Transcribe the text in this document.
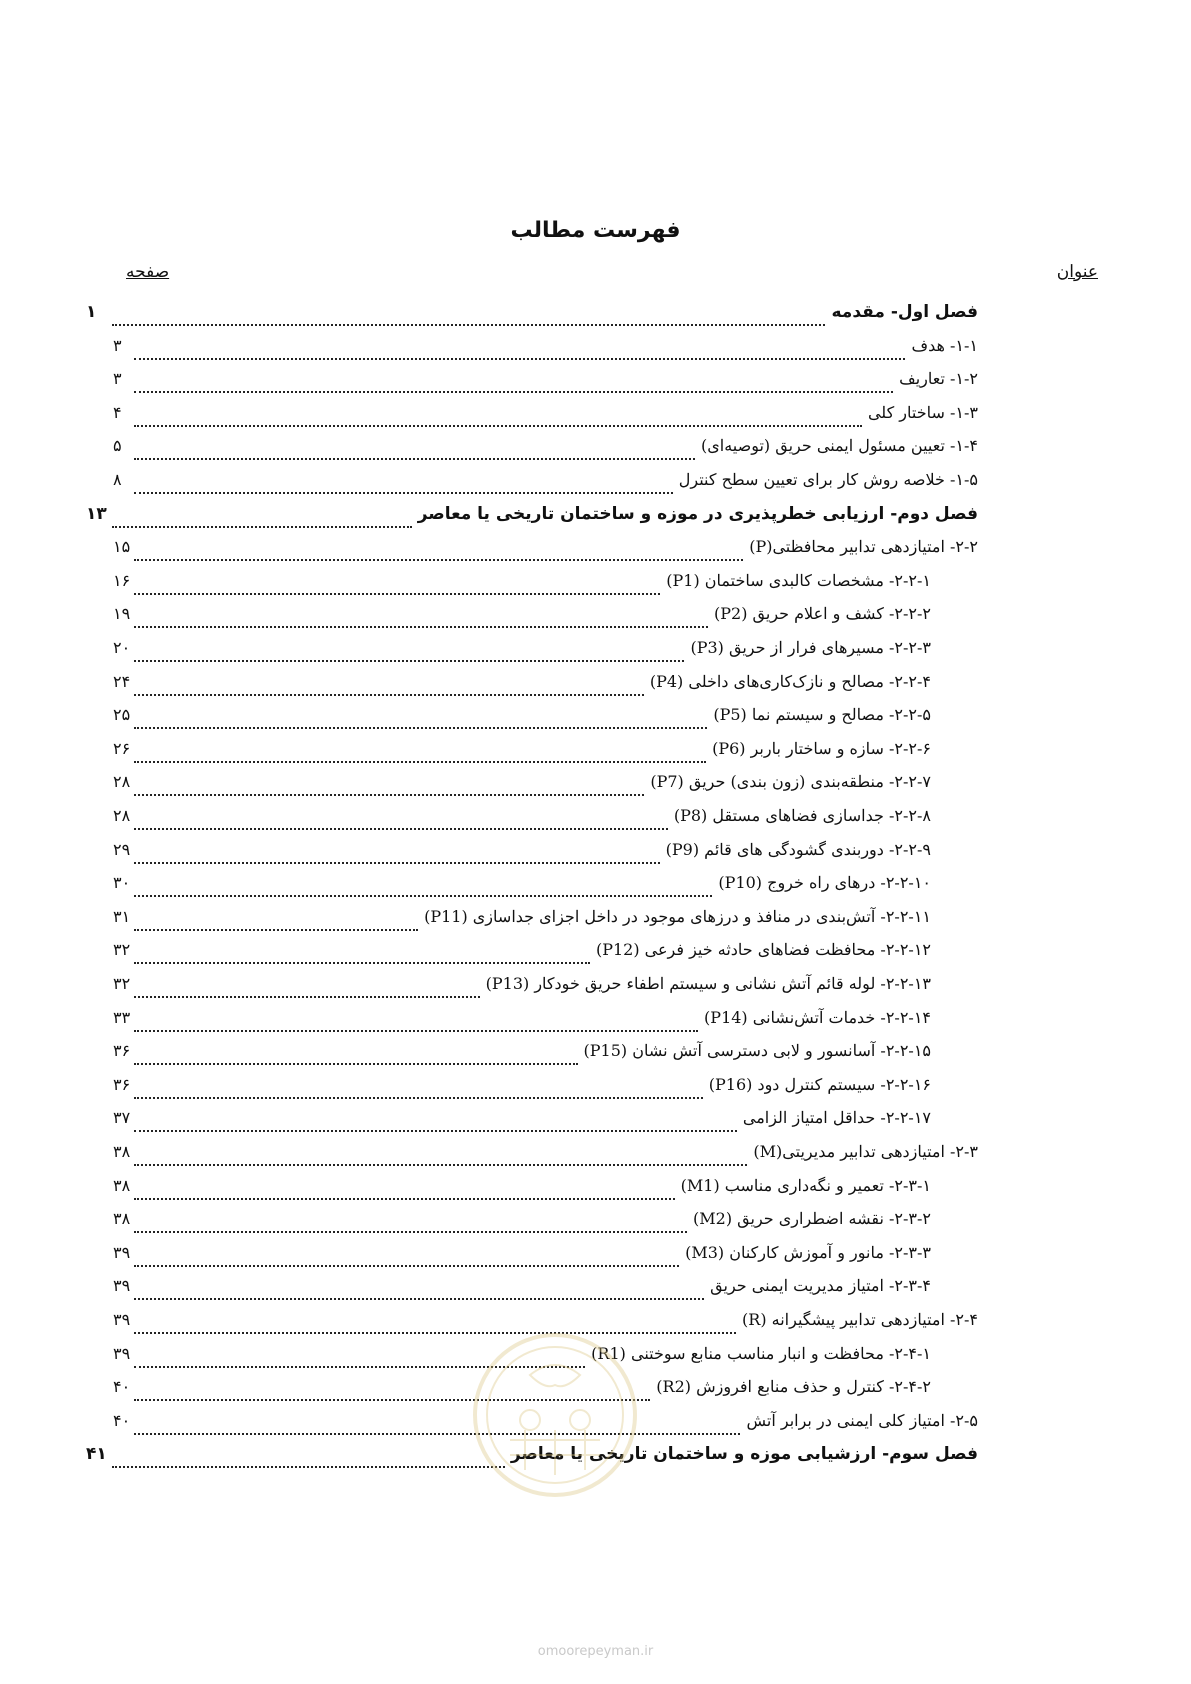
فهرست مطالب
عنوان
صفحه
فصل اول- مقدمه
۱
۱-۱- هدف
۳
۱-۲- تعاریف
۳
۱-۳- ساختار کلی
۴
۱-۴- تعیین مسئول ایمنی حریق (توصیه‌ای)
۵
۱-۵- خلاصه روش کار برای تعیین سطح کنترل
۸
فصل دوم- ارزیابی خطرپذیری در موزه و ساختمان تاریخی یا معاصر
۱۳
۲-۲- امتیازدهی تدابیر محافظتی(P)
۱۵
۲-۲-۱- مشخصات کالبدی ساختمان (P1)
۱۶
۲-۲-۲- کشف و اعلام حریق (P2)
۱۹
۲-۲-۳- مسیرهای فرار از حریق (P3)
۲۰
۲-۲-۴- مصالح و نازک‌کاری‌های داخلی (P4)
۲۴
۲-۲-۵- مصالح و سیستم نما (P5)
۲۵
۲-۲-۶- سازه و ساختار باربر (P6)
۲۶
۲-۲-۷- منطقه‌بندی (زون بندی) حریق (P7)
۲۸
۲-۲-۸- جداسازی فضاهای مستقل (P8)
۲۸
۲-۲-۹- دوربندی گشودگی های قائم (P9)
۲۹
۲-۲-۱۰- درهای راه خروج (P10)
۳۰
۲-۲-۱۱- آتش‌بندی در منافذ و درزهای موجود در داخل اجزای جداسازی (P11)
۳۱
۲-۲-۱۲- محافظت فضاهای حادثه خیز فرعی (P12)
۳۲
۲-۲-۱۳- لوله قائم آتش نشانی و سیستم اطفاء حریق خودکار (P13)
۳۲
۲-۲-۱۴- خدمات آتش‌نشانی (P14)
۳۳
۲-۲-۱۵- آسانسور و لابی دسترسی آتش نشان (P15)
۳۶
۲-۲-۱۶- سیستم کنترل دود (P16)
۳۶
۲-۲-۱۷- حداقل امتیاز الزامی
۳۷
۲-۳- امتیازدهی تدابیر مدیریتی(M)
۳۸
۲-۳-۱- تعمیر و نگه‌داری مناسب (M1)
۳۸
۲-۳-۲- نقشه اضطراری حریق (M2)
۳۸
۲-۳-۳- مانور و آموزش کارکنان (M3)
۳۹
۲-۳-۴- امتیاز مدیریت ایمنی حریق
۳۹
۲-۴- امتیازدهی تدابیر پیشگیرانه (R)
۳۹
۲-۴-۱- محافظت و انبار مناسب منابع سوختنی (R1)
۳۹
۲-۴-۲- کنترل و حذف منابع افروزش (R2)
۴۰
۲-۵- امتیاز کلی ایمنی در برابر آتش
۴۰
فصل سوم- ارزشیابی موزه و ساختمان تاریخی یا معاصر
۴۱
omoorepeyman.ir
